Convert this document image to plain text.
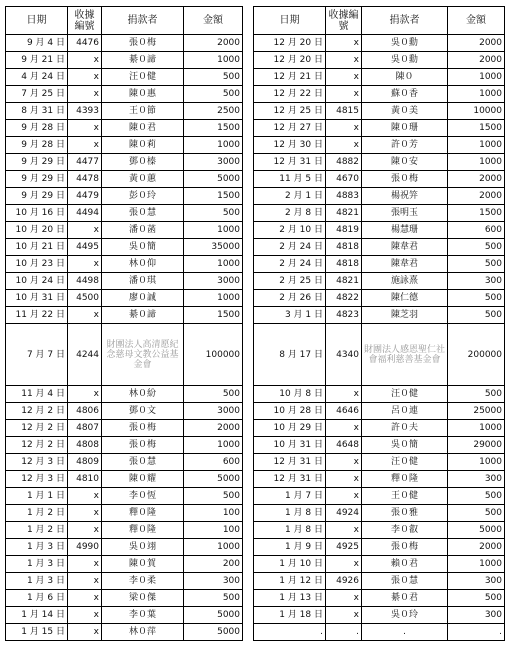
日期	收據編號	捐款者	金額
9 月 4 日	4476	張０梅	2000
9 月 21 日	x	綦０諦	1000
4 月 24 日	x	汪０健	500
7 月 25 日	x	陳０惠	500
8 月 31 日	4393	王０節	2500
9 月 28 日	x	陳０君	1500
9 月 28 日	x	陳０莉	1000
9 月 29 日	4477	鄧０榛	3000
9 月 29 日	4478	黃０蕙	5000
9 月 29 日	4479	彭０玲	1500
10 月 16 日	4494	張０慧	500
10 月 20 日	x	潘０菡	1000
10 月 21 日	4495	吳０簡	35000
10 月 23 日	x	林０仰	1000
10 月 24 日	4498	潘０琪	3000
10 月 31 日	4500	廖０誠	1000
11 月 22 日	x	綦０諦	1500
7 月 7 日	4244	財團法人高清愿紀念慈母文教公益基金會	100000
11 月 4 日	x	林０紛	500
12 月 2 日	4806	鄧０文	3000
12 月 2 日	4807	張０梅	2000
12 月 2 日	4808	張０梅	1000
12 月 3 日	4809	張０慧	600
12 月 3 日	4810	陳０耀	5000
1 月 1 日	x	李０恆	500
1 月 2 日	x	釋０隆	100
1 月 2 日	x	釋０隆	100
1 月 3 日	4990	吳０翊	1000
1 月 3 日	x	陳０賀	200
1 月 3 日	x	李０柔	300
1 月 6 日	x	梁０傑	500
1 月 14 日	x	李０葉	5000
1 月 15 日	x	林０萍	5000
日期	收據編號	捐款者	金額
12 月 20 日	x	吳０勳	2000
12 月 20 日	x	吳０勳	2000
12 月 21 日	x	陳０	1000
12 月 22 日	x	蘇０香	1000
12 月 25 日	4815	黃０美	10000
12 月 27 日	x	陳０珊	1500
12 月 30 日	x	許０芳	1000
12 月 31 日	4882	陳０安	1000
11 月 5 日	4670	張０梅	2000
2 月 1 日	4883	楊祝笄	2000
2 月 8 日	4821	張明玉	1500
2 月 10 日	4819	楊慧珊	600
2 月 24 日	4818	陳韋君	500
2 月 24 日	4818	陳韋君	500
2 月 25 日	4821	施詠熹	300
2 月 26 日	4822	陳仁德	500
3 月 1 日	4823	陳芝羽	500
8 月 17 日	4340	財團法人感恩聖仁社會福利慈善基金會	200000
10 月 8 日	x	汪０健	500
10 月 28 日	4646	呂０連	25000
10 月 29 日	x	許０夫	1000
10 月 31 日	4648	吳０簡	29000
12 月 31 日	x	汪０健	1000
12 月 31 日	x	釋０隆	300
1 月 7 日	x	王０健	500
1 月 8 日	4924	張０雅	500
1 月 8 日	x	李０叡	5000
1 月 9 日	4925	張０梅	2000
1 月 10 日	x	賴０君	1000
1 月 12 日	4926	張０慧	300
1 月 13 日	x	綦０君	500
1 月 18 日	x	吳０玲	300
.	.	.	.
